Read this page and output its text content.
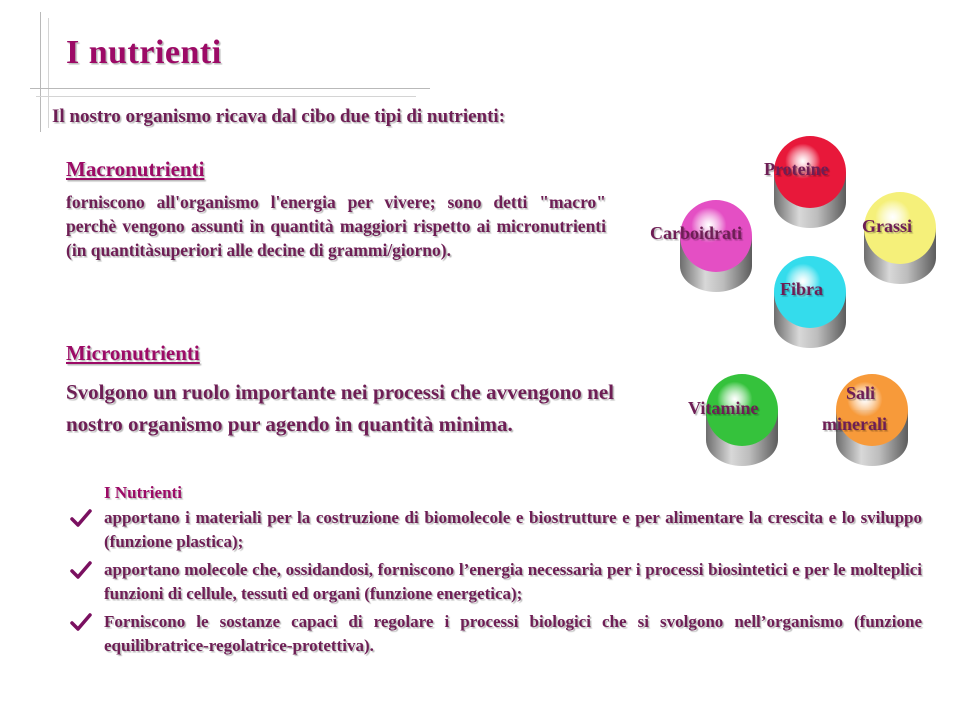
I nutrienti

Il nostro organismo ricava dal cibo due tipi di nutrienti:

Macronutrienti

forniscono all'organismo l'energia per vivere; sono detti "macro" perchè vengono assunti in quantità maggiori rispetto ai micronutrienti (in quantitàsuperiori alle decine di grammi/giorno).

Micronutrienti

Svolgono un ruolo importante nei processi che avvengono nel nostro organismo pur agendo in quantità minima.

Proteine
Grassi
Carboidrati
Fibra
Vitamine
Sali
minerali

I Nutrienti

apportano i materiali per la costruzione di biomolecole e biostrutture e per alimentare la crescita e lo sviluppo (funzione plastica);
apportano molecole che, ossidandosi, forniscono l’energia necessaria per i processi biosintetici e per le molteplici funzioni di cellule, tessuti ed organi (funzione energetica);
Forniscono le sostanze capaci di regolare i processi biologici che si svolgono nell’organismo (funzione equilibratrice-regolatrice-protettiva).
